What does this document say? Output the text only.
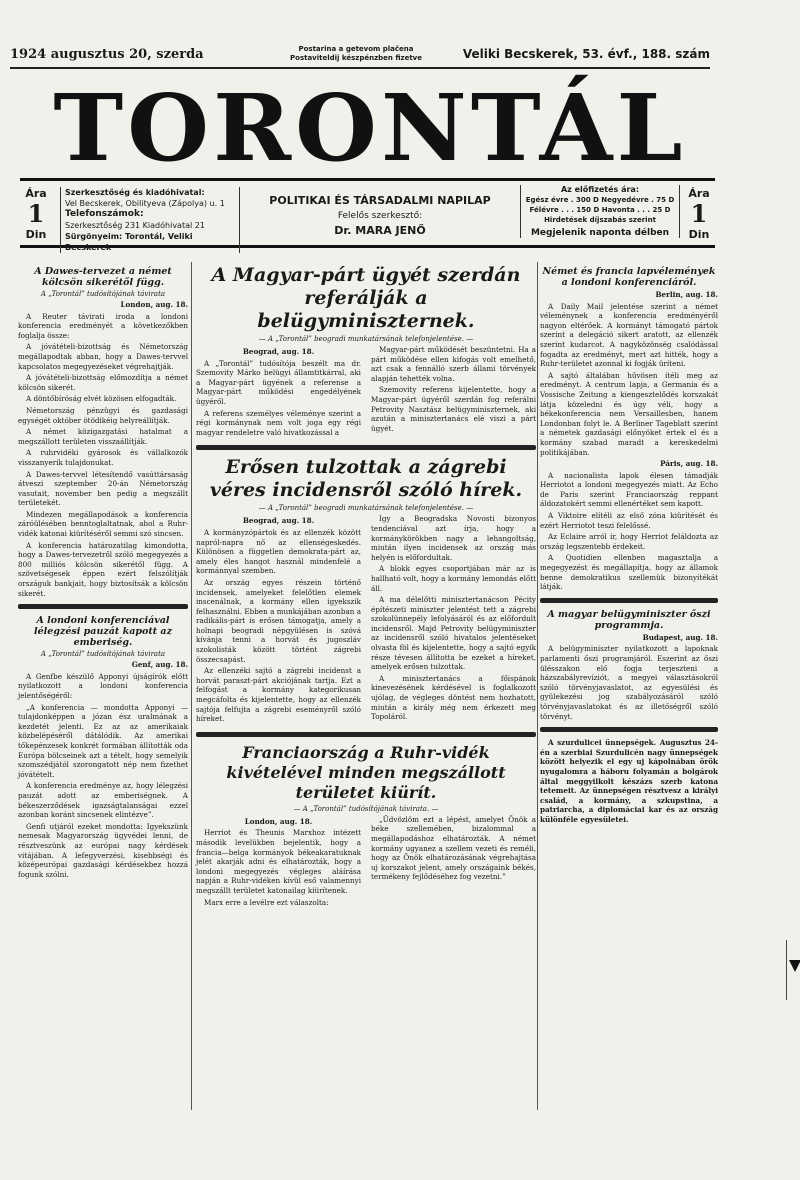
1924 augusztus 20, szerda	Postarina a getevom plačena
Postaviteldij készpénzben fizetve	Veliki Becskerek, 53. évf., 188. szám
TORONTÁL
Ára
1
Din
Szerkesztőség és kiadóhivatal:
Vel Becskerek, Obilityeva (Zápolya) u. 1
Telefonszámok:
Szerkesztőség 231 Kiadóhivatal 21
Sürgönyeim: Torontál, Veliki Becskerek
POLITIKAI ÉS TÁRSADALMI NAPILAP
Felelős szerkesztő:
Dr. MARA JENŐ
Az előfizetés ára:
Egész évre . 300 D Negyedévre . 75 D
Félévre . . . 150 D Havonta . . . 25 D
Hirdetések díjszabás szerint
Megjelenik naponta délben
Ára
1
Din
A Dawes-tervezet a német kölcsön sikerétől függ.
A „Torontál” tudósítójának távirata
London, aug. 18.

A Reuter távirati iroda a londoni konferencia eredményét a következőkben foglalja össze:

A jóvátételi-bizottság és Németország megállapodtak abban, hogy a Dawes-tervvel kapcsolatos megegyezéseket végrehajtják.

A jóvátételi-bizottság előmozdítja a német kölcsön sikerét.

A döntőbíróság elvét közösen elfogadták.

Németország pénzügyi és gazdasági egységét október ötödikéig helyreállítják.

A német közigazgatási hatalmat a megszállott területen visszaállítják.

A ruhrvidéki gyárosok és vállalkozók visszanyerik tulajdonukat.

A Dawes-tervvel létesítendő vasúttársaság átveszi szeptember 20-án Németország vasutait, november ben pedig a megszállt területekét.

Mindezen megállapodások a konferencia záróülésében benntoglaltatnak, ahol a Ruhr-vidék katonai kiürítéséről semmi szó sincsen.

A konferencia határozatilag kimondotta, hogy a Dawes-tervezetről szóló megegyezés a 800 milliós kölcsön sikerétől függ. A szövetségesek éppen ezért felszólítják országuk bankjait, hogy biztosítsák a kölcsön sikerét.

A londoni konferenciával lélegzési pauzát kapott az emberiség.
A „Torontál” tudósítójának távirata
Genf, aug. 18.

A Genfbe készülő Apponyi újságírók előtt nyilatkozott a londoni konferencia jelentőségéről:

„A konferencia — mondotta Apponyi — tulajdonképpen a józan ész uralmának a kezdetét jelenti. Ez az az amerikaiak közbelépéséről dátálódik. Az amerikai tőkepénzesek konkrét formában állították oda Európa bölcseinek azt a tételt, hogy semelyik szomszédjától szorongatott nép nem fizethet jóvátételt.

A konferencia eredménye az, hogy lélegzési pauzát adott az emberiségnek. A békeszerződések igazságtalanságai ezzel azonban koránt sincsenek elintézve”.

Genfi utjáról ezeket mondotta: Igyekszünk nemesak Magyarország ügyvédei lenni, de résztveszünk az európai nagy kérdések vitájában. A lefegyverzési, kisebbségi és középeurópai gazdasági kérdésekbez hozzá fogunk szólni.

A Magyar-párt ügyét szerdán referálják a belügyminiszternek.
— A „Torontál” beogradi munkatársának telefonjelentése. —
Beograd, aug. 18.

A „Torontál” tudósítója beszélt ma dr. Szemovity Márko belügyi államtitkárral, aki a Magyar-párt ügyének a referense a Magyar-párt működési engedélyének ügyéről.

A referens személyes véleménye szerint a régi kormánynak nem volt joga egy régi magyar rendeletre való hivatkozással a

Magyar-párt működését beszüntetni. Ha a párt működése ellen kifogás volt emelhető, azt csak a fennálló szerb állami törvények alapján tehették volna.

Szemovity referens kijelentette, hogy a Magyar-párt ügyéről szerdán fog referálni Petrovity Nasztász belügyminiszternek, aki azután a minisztertanács elé viszi a párt ügyét.

Erősen tulzottak a zágrebi véres incidensről szóló hírek.
— A „Torontál” beogradi munkatársának telefonjelentése. —
Beograd, aug. 18.

A kormányzópártok és az ellenzék között napról-napra nő az ellenségeskedés. Különösen a független demokrata-párt az, amely éles hangot használ mindenfelé a kormánnyal szemben.

Az ország egyes részein történő incidensek, amelyeket felelőtlen elemek inscenálnak, a kormány ellen igyekszik felhasználni. Ebben a munkájában azonban a radikális-párt is erősen támogatja, amely a holnapi beogradi népgyülésen is szóvá kívánja tenni a horvát és jugoszláv szokolisták között történt zágrebi összecsapást.

Az ellenzéki sajtó a zágrebi incidenst a horvát paraszt-párt akciójának tartja. Ezt a felfogást a kormány kategorikusan megcáfolta és kijelentette, hogy az ellenzék sajtója felfujta a zágrebi eseményről szóló híreket.

Igy a Beogradska Novosti bizonyos tendenciával azt írja, hogy a kormánykörökben nagy a lehangoltság, miután ilyen incidensek az ország más helyén is előfordultak.

A blokk egyes csoportjában már az is hallható volt, hogy a kormány lemondás előtt áll.

A ma délelőtti minisztertanácson Pécity építészeti miniszter jelentést tett a zágrebi szokolünnepély lefolyásáról és az előfordult incidensről. Majd Petrovity belügyminiszter az incidensről szóló hivatalos jelentéseket olvasta föl és kijelentette, hogy a sajtó egyik része tévesen állította be ezeket a híreket, amelyek erősen tulzottak.

A minisztertanács a főispánok kinevezésének kérdésével is foglalkozott ujólag, de végleges döntést nem hozhatott, miután a király még nem érkezett meg Topoláról.

Franciaország a Ruhr-vidék kivételével minden megszállott területet kiürít.
— A „Torontál” tudósítójának távirata. —
London, aug. 18.

Herriot és Theunis Marxhoz intézett második levelükben bejelentik, hogy a francia—belga kormányok békeakaratuknak jelét akarják adni és elhatározták, hogy a londoni megegyezés végleges aláírása napján a Ruhr-vidéken kívül eső valamennyi megszállt területet katonailag kiürítenek.

Marx erre a levélre ezt válaszolta:

„Üdvözlöm ezt a lépést, amelyet Önök a béke szellemében, bizalommal a megállapodáshoz elhatározták. A német kormány ugyanez a szellem vezeti és reméli, hogy az Önök elhatározásának végrehajtása uj korszakot jelent, amely országaink békés, termékeny fejlődéséhez fog vezetni.”

Német és francia lapvélemények a londoni konferenciáról.
Berlin, aug. 18.

A Daily Mail jelentése szerint a német véleménynek a konferencia eredményéről nagyon eltérőek. A kormányt támogató pártok szerint a delegáció sikert aratott, az ellenzék szerint kudarcot. A nagyközönség csalódással fogadta az eredményt, mert azt hitték, hogy a Ruhr-területet azonnal ki fogják üríteni.

A sajtó általában hűvösen ítéli meg az eredményt. A centrum lapja, a Germania és a Vossische Zeitung a kiengesztelődés korszakát látja közeledni és úgy véli, hogy a békekonferencia nem Versaillesben, hanem Londonban folyt le. A Berliner Tageblatt szerint a németek gazdasági előnyöket értek el és a kormány szabad maradt a kereskedelmi politikájában.

Páris, aug. 18.

A nacionalista lapok élesen támadják Herriotot a londoni megegyezés miatt. Az Echo de Paris szerint Franciaország reppant áldozatokért semmi ellenértéket sem kapott.

A Viktoire elítéli az első zóna kiürítését és ezért Herriotot teszi felelőssé.

Az Eclaire arról ír, hogy Herriot feláldozta az ország legszentebb érdekeit.

A Quotidien ellenben magasztalja a megegyezést és megállapítja, hogy az államok benne demokratikus szellemük bizonyítékát látják.

A magyar belügyminiszter őszi programmja.
Budapest, aug. 18.

A belügyminiszter nyilatkozott a lapoknak parlamenti őszi programjáról. Eszerint az őszi ülésszakon elő fogja terjeszteni a házszabályrevíziót, a megyei választásokról szóló törvényjavaslatot, az egyesülési és gyülekezési jog szabályozásáról szóló törvényjavaslatokat és az illetőségről szóló törvényt.

A szurdulicei ünnepségek. Augusztus 24-én a szerbiai Szurdulicén nagy ünnepségek között helyezik el egy uj kápolnában örök nyugalomra a háboru folyamán a bolgárok által meggyilkolt készázs szerb katona tetemeit. Az ünnepségen résztvesz a királyi család, a kormány, a szkupstina, a patriarcha, a diplomáciai kar és az ország különféle egyesületei.
